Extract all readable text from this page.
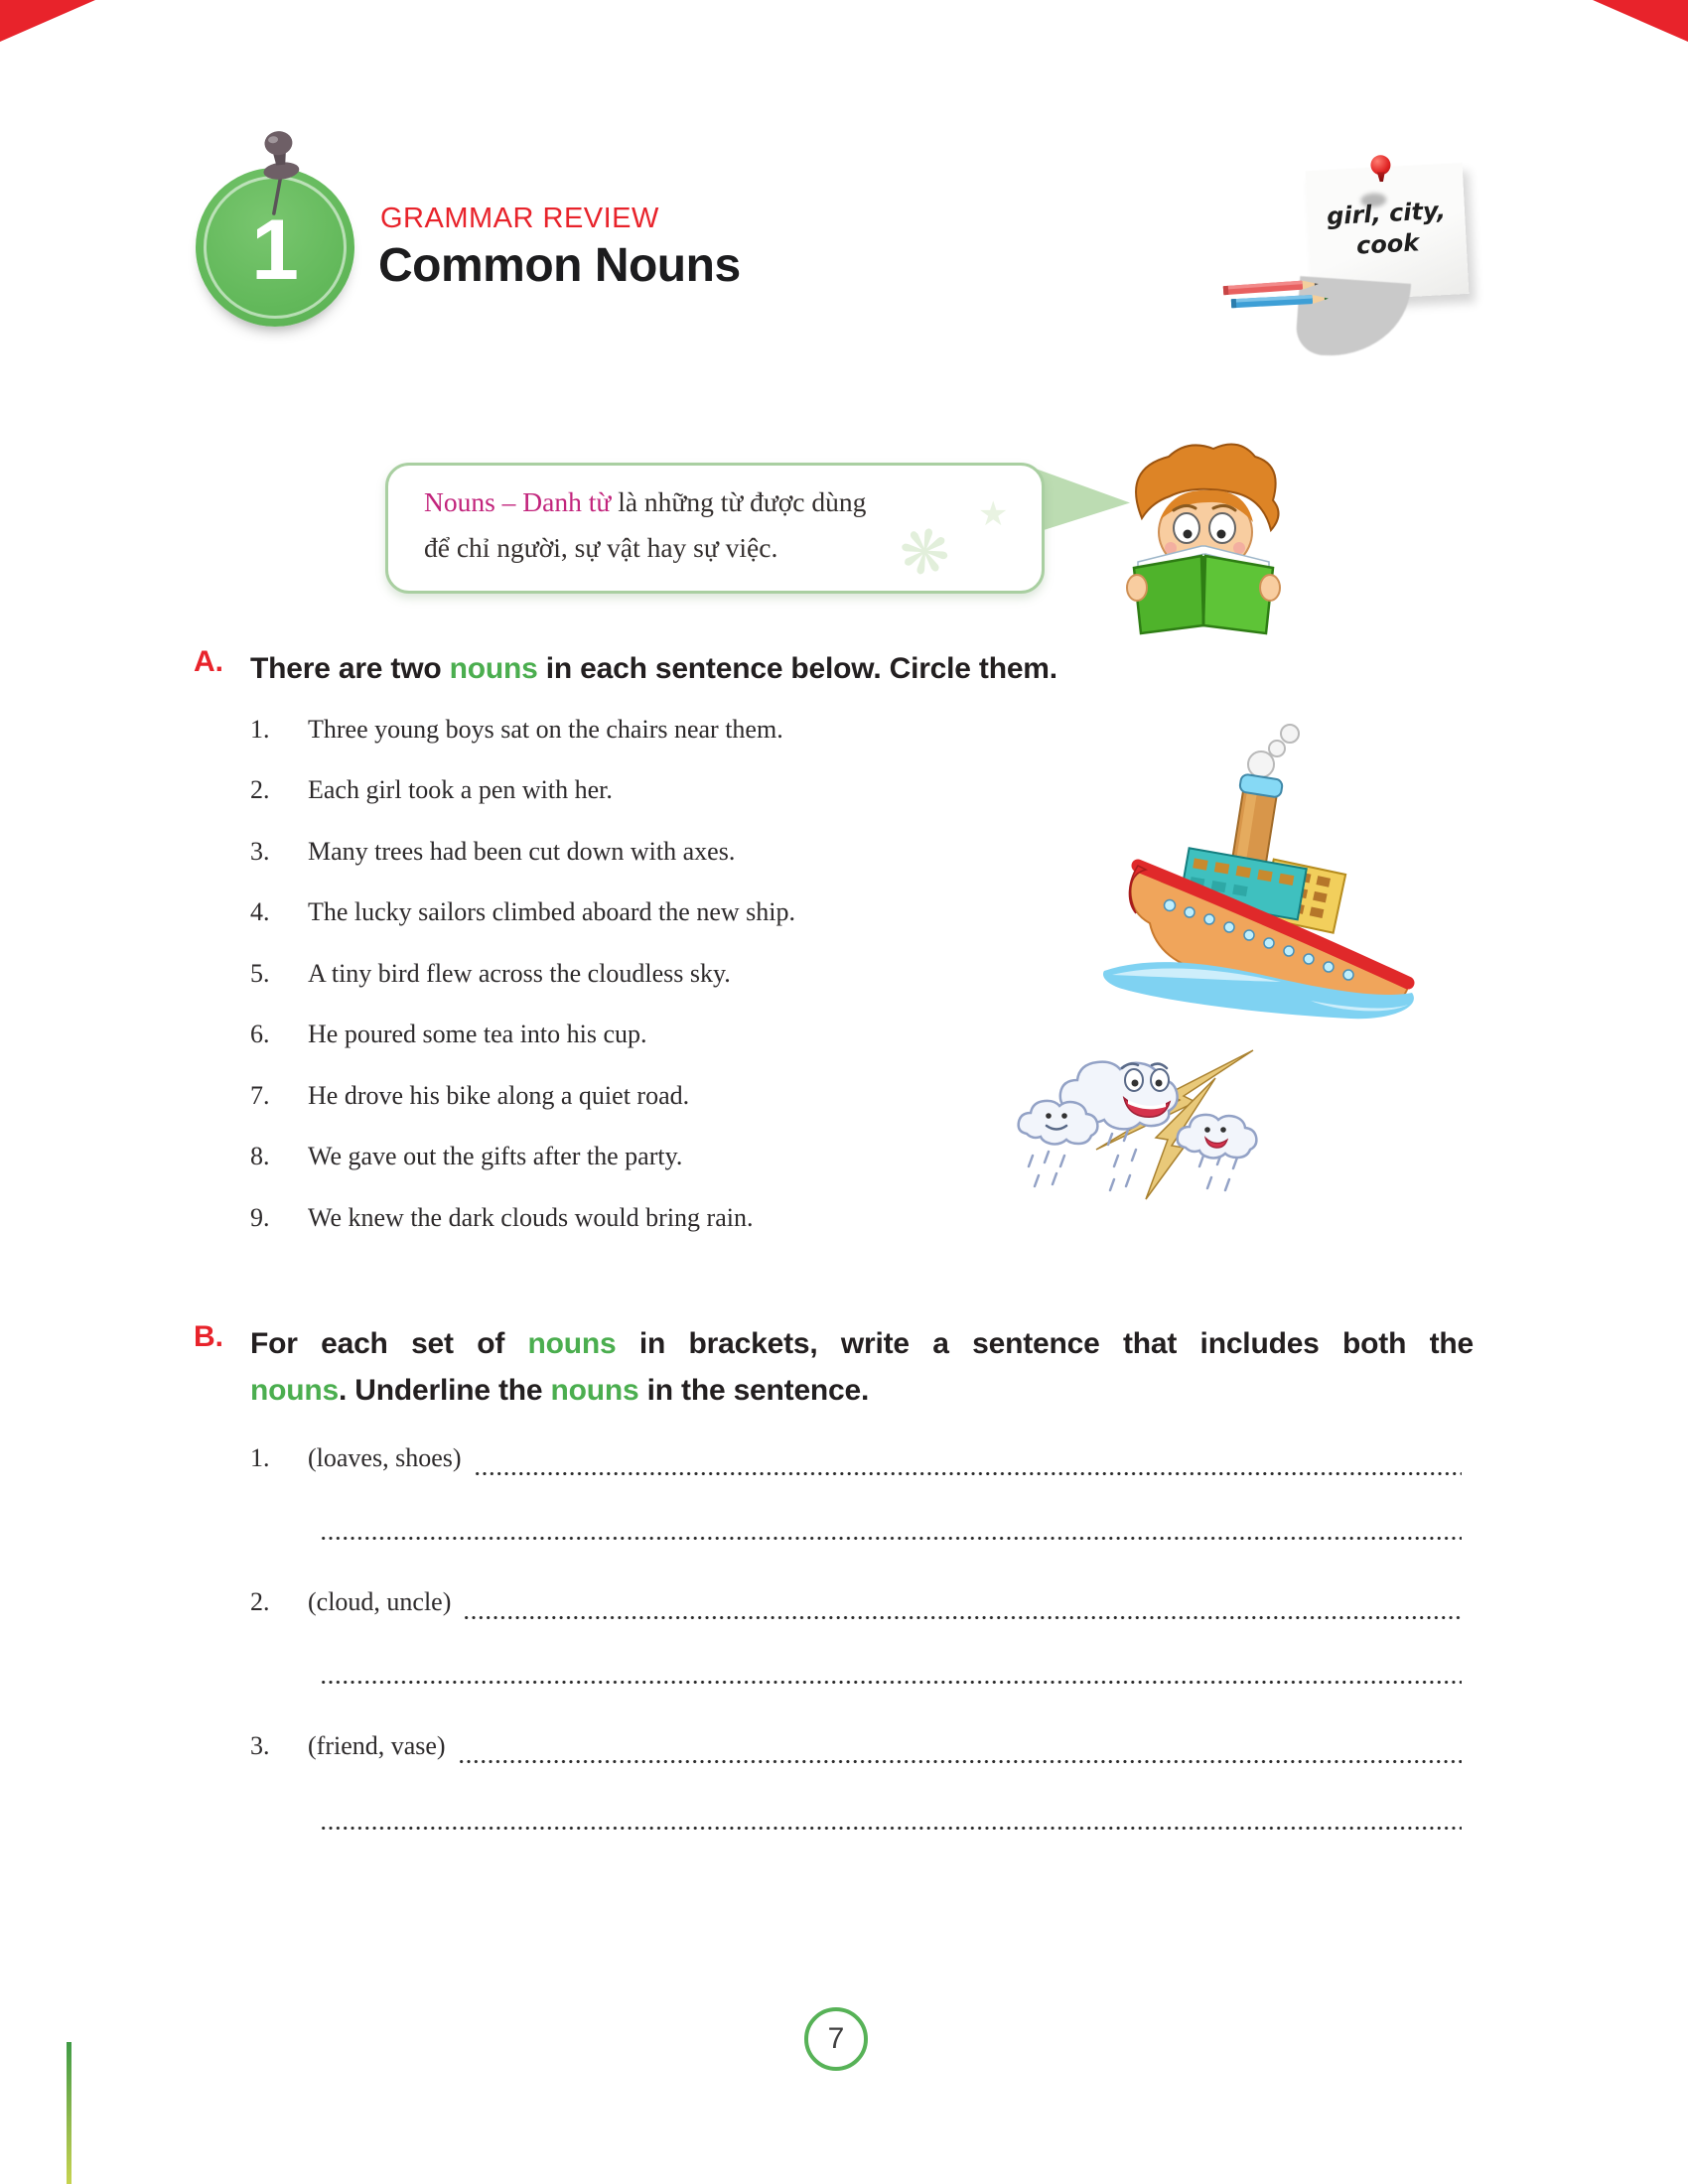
1	GRAMMAR REVIEW
Common Nouns
girl, city,
cook
Nouns – Danh từ là những từ được dùng
để chỉ người, sự vật hay sự việc.	❋
★
A. There are two nouns in each sentence below. Circle them.
1.	Three young boys sat on the chairs near them.
2.	Each girl took a pen with her.
3.	Many trees had been cut down with axes.
4.	The lucky sailors climbed aboard the new ship.
5.	A tiny bird flew across the cloudless sky.
6.	He poured some tea into his cup.
7.	He drove his bike along a quiet road.
8.	We gave out the gifts after the party.
9.	We knew the dark clouds would bring rain.
B. For each set of nouns in brackets, write a sentence that includes both the
nouns. Underline the nouns in the sentence.
1.	(loaves, shoes)
2.	(cloud, uncle)
3.	(friend, vase)
7
